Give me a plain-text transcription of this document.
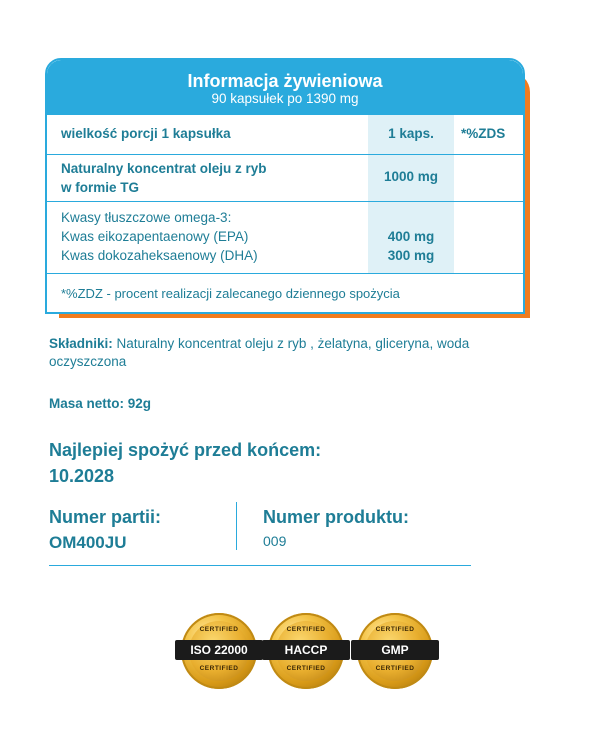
Informacja żywieniowa
90 kapsułek po 1390 mg
wielkość porcji 1 kapsułka	1 kaps.	*%ZDS
Naturalny koncentrat oleju z ryb
w formie TG
1000 mg
Kwasy tłuszczowe omega-3:
Kwas eikozapentaenowy (EPA)
Kwas dokozaheksaenowy (DHA)
400 mg
300 mg
*%ZDZ - procent realizacji zalecanego dziennego spożycia
Składniki: Naturalny koncentrat oleju z ryb , żelatyna, gliceryna, woda oczyszczona
Masa netto: 92g
Najlepiej spożyć przed końcem:
10.2028
Numer partii:
OM400JU
Numer produktu:
009
CERTIFIED
ISO 22000
CERTIFIED
CERTIFIED
HACCP
CERTIFIED
CERTIFIED
GMP
CERTIFIED
